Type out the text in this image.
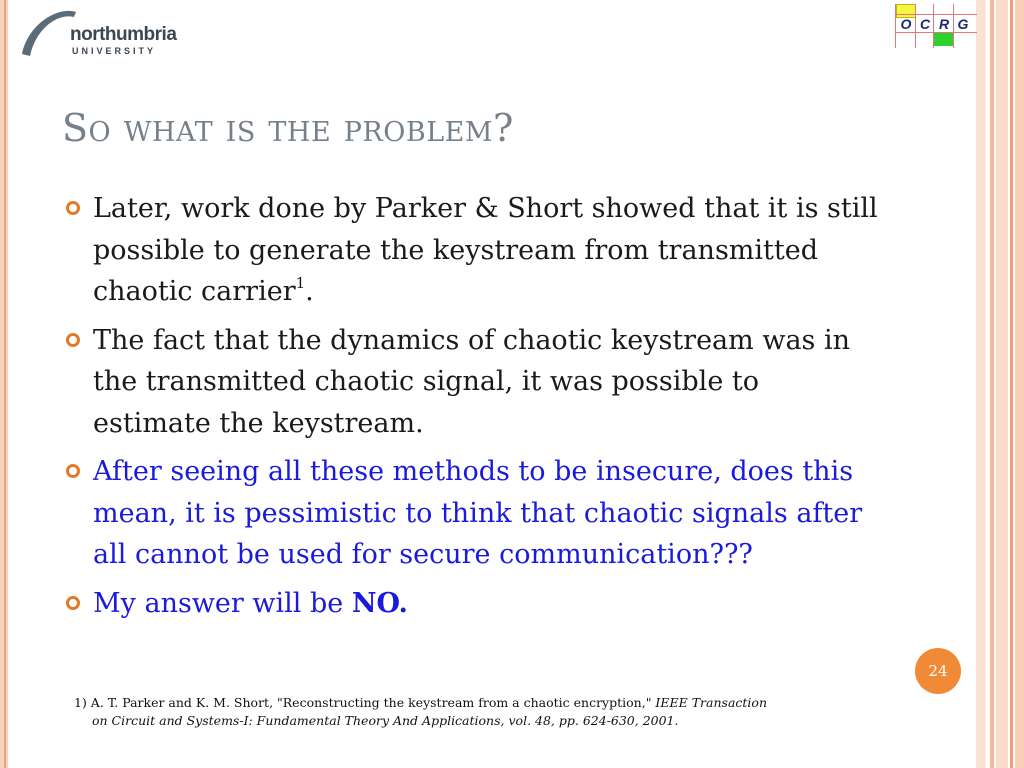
northumbria
UNIVERSITY
O C R G
So what is the problem?
Later, work done by Parker & Short showed that it is still possible to generate the keystream from transmitted chaotic carrier$^1$.
The fact that the dynamics of chaotic keystream was in the transmitted chaotic signal, it was possible to estimate the keystream.
After seeing all these methods to be insecure, does this mean, it is pessimistic to think that chaotic signals after all cannot be used for secure communication???
My answer will be NO.
24
1) A. T. Parker and K. M. Short, "Reconstructing the keystream from a chaotic encryption," IEEE Transaction
on Circuit and Systems-I: Fundamental Theory And Applications, vol. 48, pp. 624-630, 2001.
